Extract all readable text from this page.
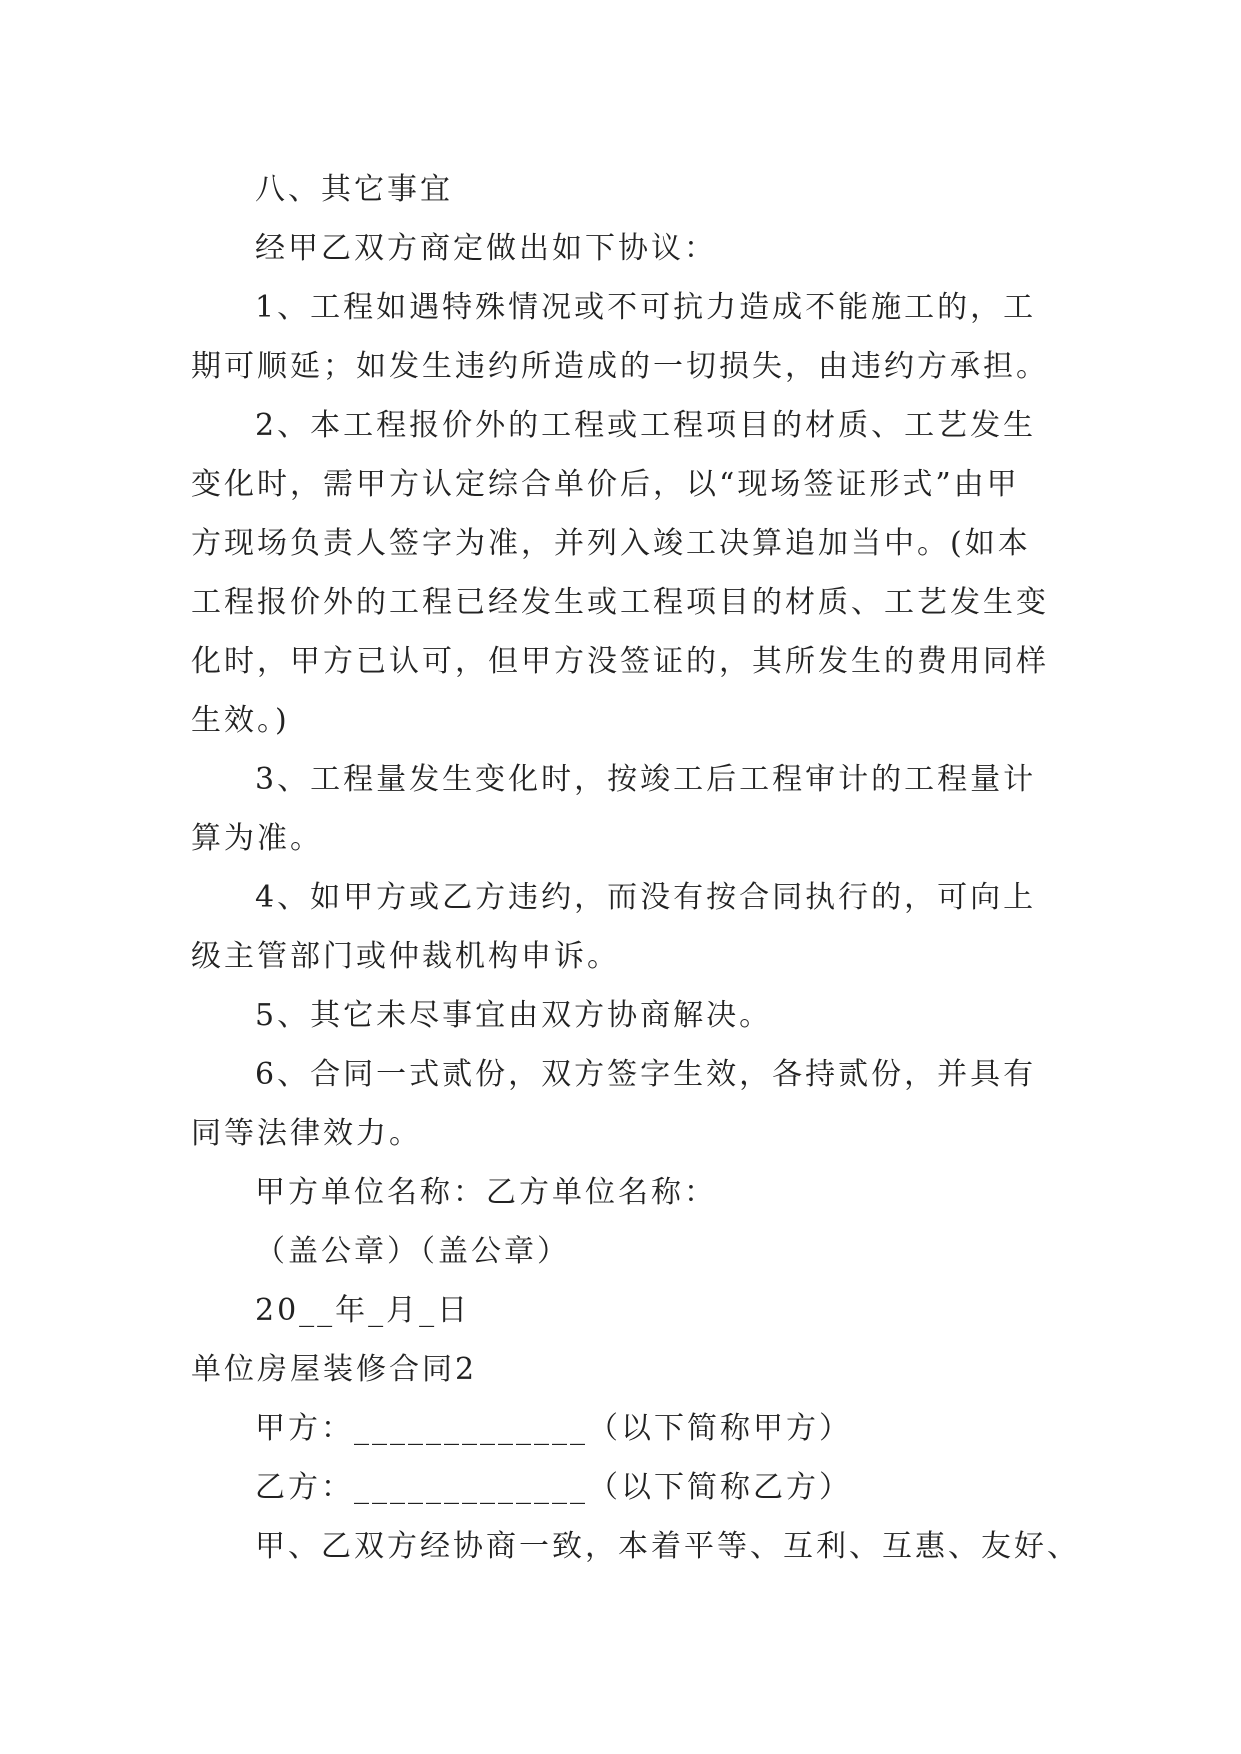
八、其它事宜
经甲乙双方商定做出如下协议：
1、工程如遇特殊情况或不可抗力造成不能施工的，工
期可顺延；如发生违约所造成的一切损失，由违约方承担。
2、本工程报价外的工程或工程项目的材质、工艺发生
变化时，需甲方认定综合单价后，以“现场签证形式”由甲
方现场负责人签字为准，并列入竣工决算追加当中。(如本
工程报价外的工程已经发生或工程项目的材质、工艺发生变
化时，甲方已认可，但甲方没签证的，其所发生的费用同样
生效。)
3、工程量发生变化时，按竣工后工程审计的工程量计
算为准。
4、如甲方或乙方违约，而没有按合同执行的，可向上
级主管部门或仲裁机构申诉。
5、其它未尽事宜由双方协商解决。
6、合同一式贰份，双方签字生效，各持贰份，并具有
同等法律效力。
甲方单位名称：乙方单位名称：
（盖公章）（盖公章）
20__年_月_日
单位房屋装修合同2
甲方：_____________（以下简称甲方）
乙方：_____________（以下简称乙方）
甲、乙双方经协商一致，本着平等、互利、互惠、友好、
